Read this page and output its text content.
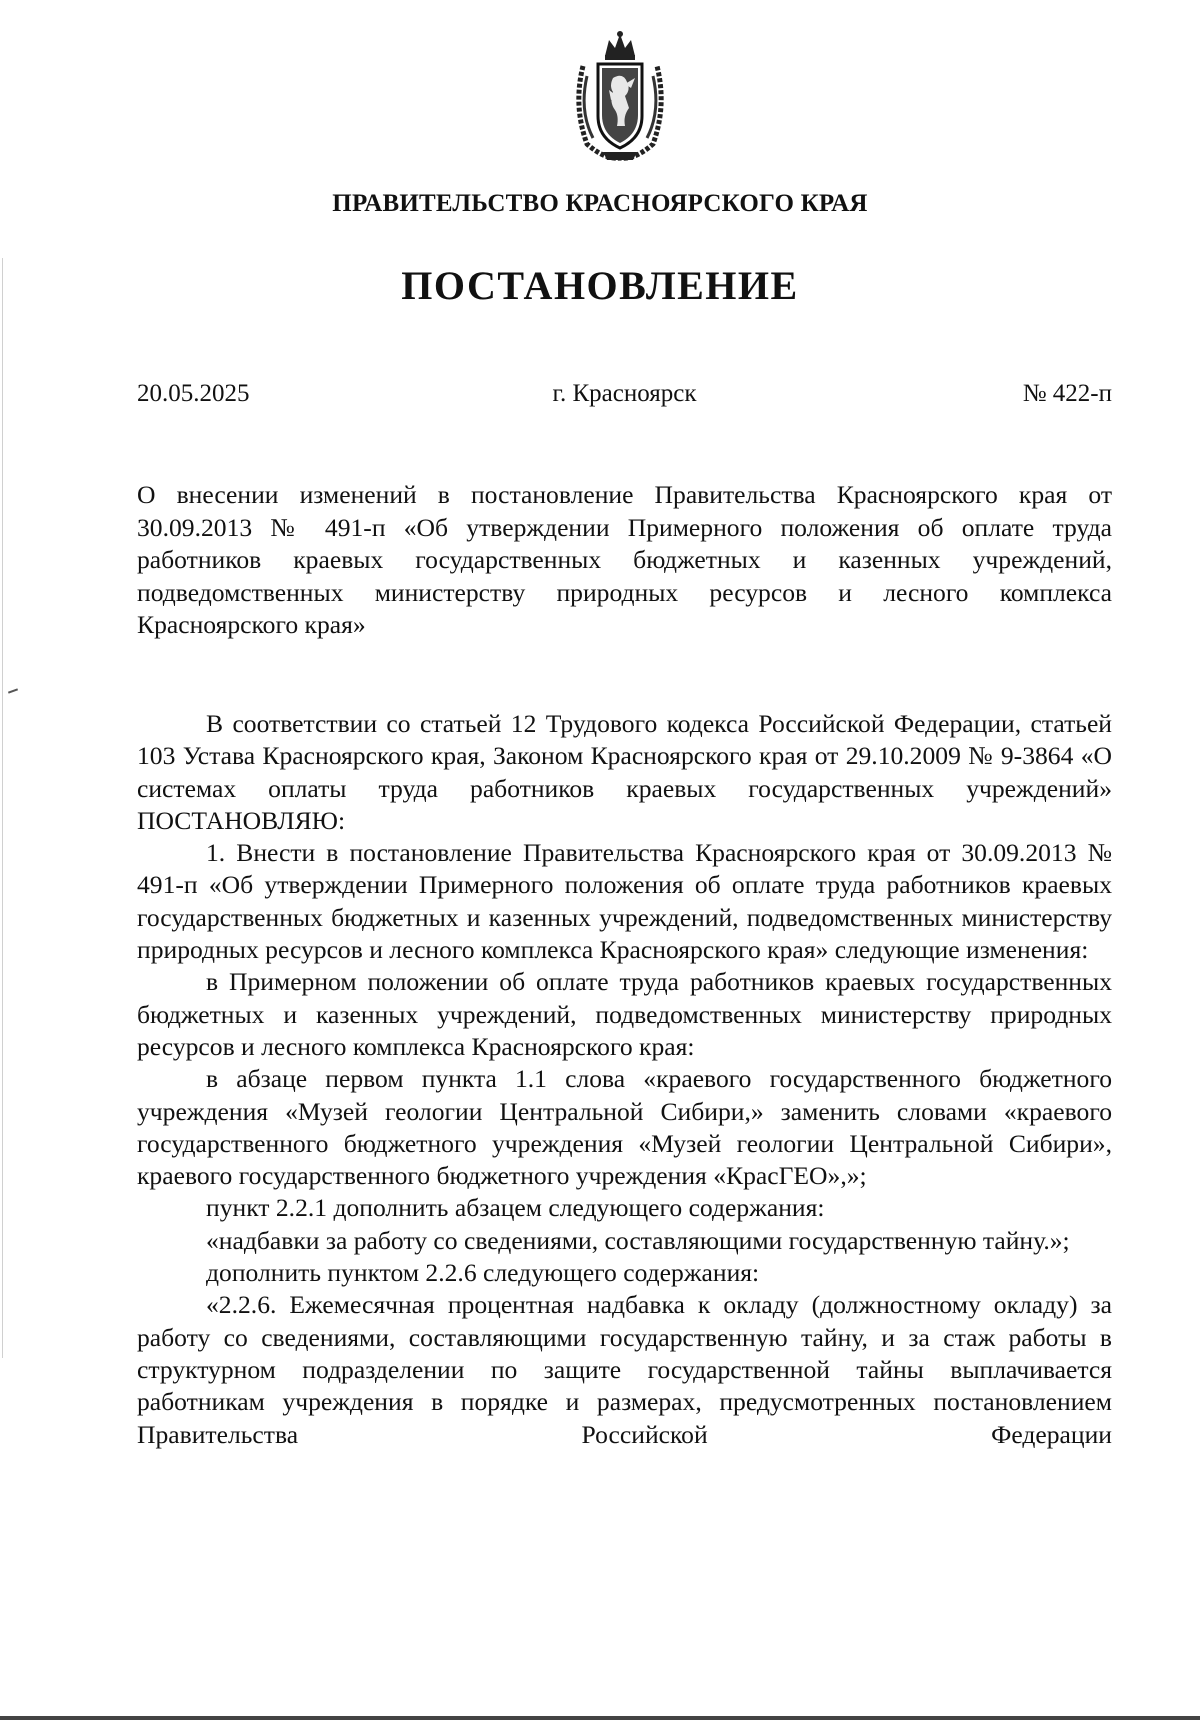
ПРАВИТЕЛЬСТВО КРАСНОЯРСКОГО КРАЯ
ПОСТАНОВЛЕНИЕ
20.05.2025	г. Красноярск	№ 422-п
О внесении изменений в постановление Правительства Красноярского края от 30.09.2013 № 491-п «Об утверждении Примерного положения об оплате труда работников краевых государственных бюджетных и казенных учреждений, подведомственных министерству природных ресурсов и лесного комплекса Красноярского края»

В соответствии со статьей 12 Трудового кодекса Российской Федерации, статьей 103 Устава Красноярского края, Законом Красноярского края от 29.10.2009 № 9-3864 «О системах оплаты труда работников краевых государственных учреждений» ПОСТАНОВЛЯЮ:

1. Внести в постановление Правительства Красноярского края от 30.09.2013 № 491-п «Об утверждении Примерного положения об оплате труда работников краевых государственных бюджетных и казенных учреждений, подведомственных министерству природных ресурсов и лесного комплекса Красноярского края» следующие изменения:

в Примерном положении об оплате труда работников краевых государственных бюджетных и казенных учреждений, подведомственных министерству природных ресурсов и лесного комплекса Красноярского края:

в абзаце первом пункта 1.1 слова «краевого государственного бюджетного учреждения «Музей геологии Центральной Сибири,» заменить словами «краевого государственного бюджетного учреждения «Музей геологии Центральной Сибири», краевого государственного бюджетного учреждения «КрасГЕО»,»;

пункт 2.2.1 дополнить абзацем следующего содержания:

«надбавки за работу со сведениями, составляющими государственную тайну.»;

дополнить пунктом 2.2.6 следующего содержания:

«2.2.6. Ежемесячная процентная надбавка к окладу (должностному окладу) за работу со сведениями, составляющими государственную тайну, и за стаж работы в структурном подразделении по защите государственной тайны выплачивается работникам учреждения в порядке и размерах, предусмотренных постановлением Правительства Российской Федерации
